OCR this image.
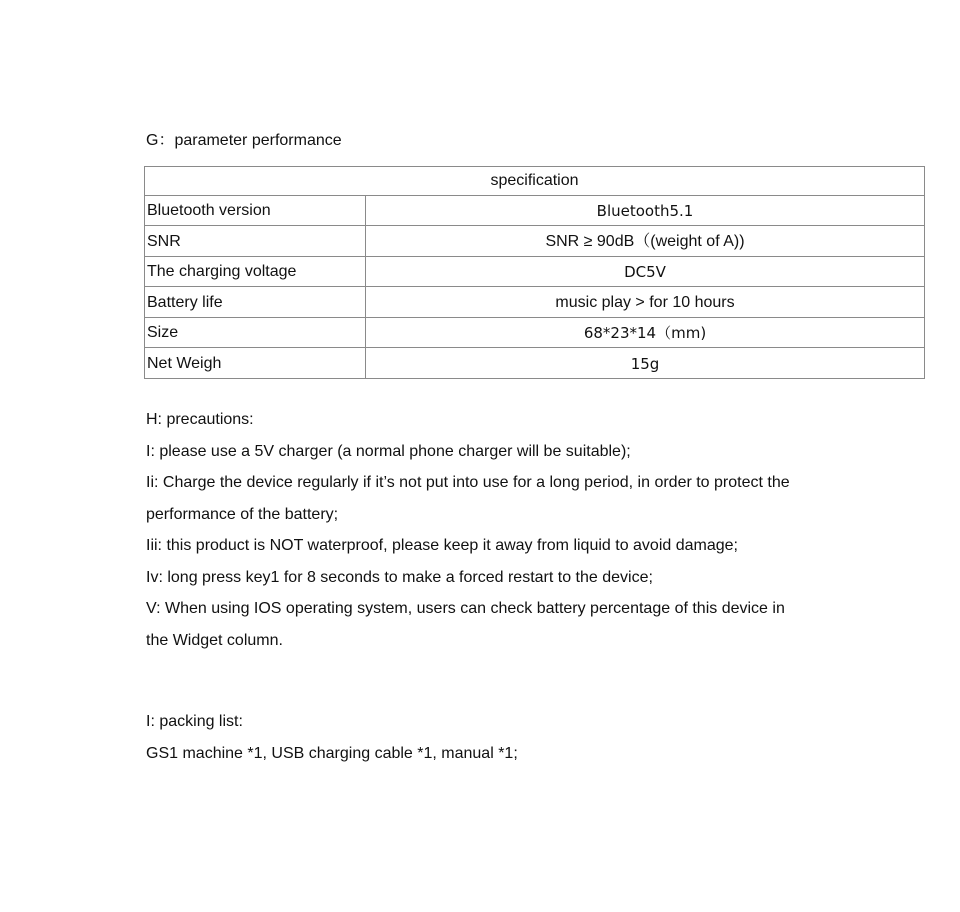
G：parameter performance
specification	
Bluetooth version	Bluetooth5.1
SNR	SNR ≥ 90dB（(weight of A))
The charging voltage	DC5V
Battery life	music play > for 10 hours
Size	68*23*14（mm)
Net Weigh	15g
H: precautions:
I: please use a 5V charger (a normal phone charger will be suitable);
Ii: Charge the device regularly if it’s not put into use for a long period, in order to protect the
performance of the battery;
Iii: this product is NOT waterproof, please keep it away from liquid to avoid damage;
Iv: long press key1 for 8 seconds to make a forced restart to the device;
V: When using IOS operating system, users can check battery percentage of this device in
the Widget column.
I: packing list:
GS1 machine *1, USB charging cable *1, manual *1;
